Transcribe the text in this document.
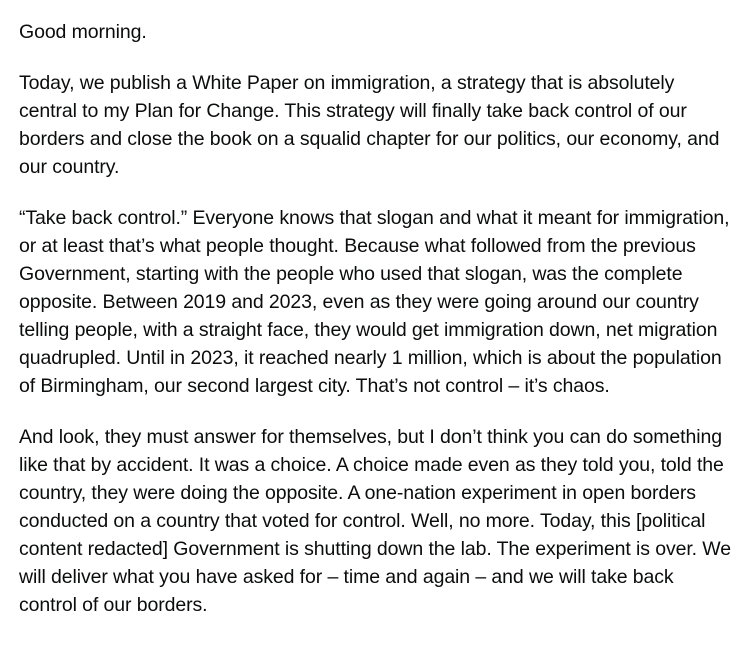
Good morning.

Today, we publish a White Paper on immigration, a strategy that is absolutely central to my Plan for Change. This strategy will finally take back control of our borders and close the book on a squalid chapter for our politics, our economy, and our country.

“Take back control.” Everyone knows that slogan and what it meant for immigration, or at least that’s what people thought. Because what followed from the previous Government, starting with the people who used that slogan, was the complete opposite. Between 2019 and 2023, even as they were going around our country telling people, with a straight face, they would get immigration down, net migration quadrupled. Until in 2023, it reached nearly 1 million, which is about the population of Birmingham, our second largest city. That’s not control – it’s chaos.

And look, they must answer for themselves, but I don’t think you can do something like that by accident. It was a choice. A choice made even as they told you, told the country, they were doing the opposite. A one-nation experiment in open borders conducted on a country that voted for control. Well, no more. Today, this [political content redacted] Government is shutting down the lab. The experiment is over. We will deliver what you have asked for – time and again – and we will take back control of our borders.
